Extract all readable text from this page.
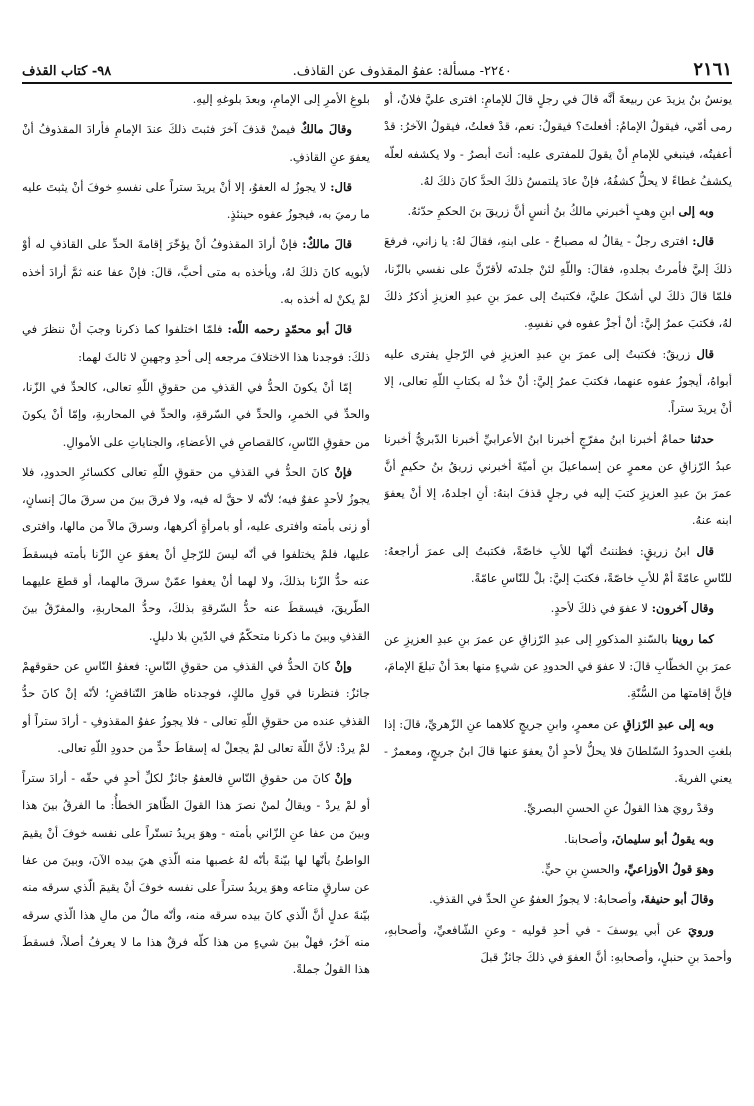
٢١٦١
٢٢٤٠- مسألة: عفوُ المقذوف عن القاذف.
٩٨- كتاب القذف

يونسُ بنُ يزيدَ عن ربيعةَ أنَّه قالَ في رجلٍ قالَ للإمامِ: افترى عليَّ فلانٌ، أو رمى أمّي، فيقولُ الإمامُ: أفعلتَ؟ فيقولُ: نعم، قدْ فعلتُ، فيقولُ الآخرُ: قدْ أعفيتُه، فينبغي للإمامِ أنْ يقولَ للمفترى عليه: أنتَ أبصرُ - ولا يكشفه لعلّه يكشفُ غطاءً لا يحلُّ كشفُهُ، فإنْ عادَ يلتمسُ ذلكَ الحدَّ كانَ ذلكَ لهُ.

وبه إلى ابنِ وهبٍ أخبرني مالكُ بنُ أنسٍ أنَّ زريقَ بنَ الحكمِ حدّثهُ.

قال: افترى رجلٌ - يقالُ له مصباحٌ - على ابنهِ، فقالَ لهُ: يا زاني، فرفعَ ذلكَ إليَّ فأمرتُ بجلدهِ، فقالَ: واللّهِ لئنْ جلدتَه لأقرّنَّ على نفسي بالزّنا، فلمّا قالَ ذلكَ لي أشكلَ عليَّ، فكتبتُ إلى عمرَ بنِ عبدِ العزيزِ أذكرُ ذلكَ لهُ، فكتبَ عمرُ إليَّ: أنْ أجزْ عفوه في نفسِهِ.

قال زريقٌ: فكتبتُ إلى عمرَ بنِ عبدِ العزيزِ في الرّجلِ يفترى عليه أبواهُ، أيجوزُ عفوه عنهما، فكتبَ عمرُ إليَّ: أنْ خذْ له بكتابِ اللّهِ تعالى، إلا أنْ يريدَ ستراً.

حدثنا حمامٌ أخبرنا ابنُ مفرّجٍ أخبرنا ابنُ الأعرابيِّ أخبرنا الدّبريُّ أخبرنا عبدُ الرّزاقِ عن معمرٍ عن إسماعيلَ بنِ أميّةَ أخبرني زريقُ بنُ حكيمٍ أنَّ عمرَ بنَ عبدِ العزيزِ كتبَ إليه في رجلٍ قذفَ ابنهُ: أنِ اجلدهُ، إلا أنْ يعفوَ ابنه عنهُ.

قال ابنُ زريقٍ: فظننتُ أنّها للأبِ خاصّةً، فكتبتُ إلى عمرَ أراجعهُ: للنّاسِ عامّةً أمْ للأبِ خاصّةً، فكتبَ إليَّ: بلْ للنّاسِ عامّةً.

وقال آخرون: لا عفوَ في ذلكَ لأحدٍ.

كما روينا بالسّندِ المذكورِ إلى عبدِ الرّزاقِ عن عمرَ بنِ عبدِ العزيزِ عن عمرَ بنِ الخطّابِ قالَ: لا عفوَ في الحدودِ عن شيءٍ منها بعدَ أنْ تبلغَ الإمامَ، فإنَّ إقامتها من السُّنّةِ.

وبه إلى عبدِ الرّزاقِ عن معمرٍ، وابنِ جريجٍ كلاهما عنِ الزّهريِّ، قالَ: إذا بلغتِ الحدودُ السّلطانَ فلا يحلُّ لأحدٍ أنْ يعفوَ عنها قالَ ابنُ جريجٍ، ومعمرٌ - يعني الفريةَ.

وقدْ رويَ هذا القولُ عنِ الحسنِ البصريِّ.

وبه يقولُ أبو سليمانَ، وأصحابنا.

وهوَ قولُ الأوزاعيِّ، والحسنِ بنِ حيٍّ.

وقالَ أبو حنيفةَ، وأصحابهُ: لا يجوزُ العفوُ عنِ الحدِّ في القذفِ.

ورويَ عن أبي يوسفَ - في أحدِ قوليه - وعنِ الشّافعيِّ، وأصحابهِ، وأحمدَ بنِ حنبلٍ، وأصحابهِ: أنَّ العفوَ في ذلكَ جائزٌ قبلَ

بلوغِ الأمرِ إلى الإمامِ، وبعدَ بلوغهِ إليهِ.

وقالَ مالكٌ فيمنْ قذفَ آخرَ فثبتَ ذلكَ عندَ الإمامِ فأرادَ المقذوفُ أنْ يعفوَ عنِ القاذفِ.

قال: لا يجوزُ له العفوُ، إلا أنْ يريدَ ستراً على نفسهِ خوفَ أنْ يثبتَ عليه ما رميَ به، فيجوزُ عفوه حينئذٍ.

قالَ مالكٌ: فإنْ أرادَ المقذوفُ أنْ يؤخّرَ إقامةَ الحدِّ على القاذفِ له أوْ لأبويه كانَ ذلكَ لهُ، ويأخذه به متى أحبَّ، قالَ: فإنْ عفا عنه ثمَّ أرادَ أخذه لمْ يكنْ له أخذه به.

قالَ أبو محمّدٍ رحمه اللّه: فلمّا اختلفوا كما ذكرنا وجبَ أنْ ننظرَ في ذلكَ: فوجدنا هذا الاختلافَ مرجعه إلى أحدِ وجهينِ لا ثالثَ لهما:

إمّا أنْ يكونَ الحدُّ في القذفِ من حقوقِ اللّهِ تعالى، كالحدِّ في الزّنا، والحدِّ في الخمرِ، والحدِّ في السّرقةِ، والحدِّ في المحاربةِ، وإمّا أنْ يكونَ من حقوقِ النّاسِ، كالقصاصِ في الأعضاءِ، والجناياتِ على الأموالِ.

فإنْ كانَ الحدُّ في القذفِ من حقوقِ اللّهِ تعالى ككسائرِ الحدودِ، فلا يجوزُ لأحدٍ عفوٌ فيه؛ لأنّه لا حقَّ له فيه، ولا فرقَ بينَ من سرقَ مالَ إنسانٍ، أو زنى بأمته وافترى عليه، أو بامرأةٍ أكرهها، وسرقَ مالاً من مالها، وافترى عليها، فلمْ يختلفوا في أنّه ليسَ للرّجلِ أنْ يعفوَ عنِ الزّنا بأمته فيسقطَ عنه حدُّ الزّنا بذلكَ، ولا لهما أنْ يعفوا عمّنْ سرقَ مالهما، أو قطعَ عليهما الطّريقَ، فيسقطَ عنه حدُّ السّرقةِ بذلكَ، وحدُّ المحاربةِ، والمفرّقُ بينَ القذفِ وبينَ ما ذكرنا متحكّمٌ في الدّينِ بلا دليلٍ.

وإنْ كانَ الحدُّ في القذفِ من حقوقِ النّاسِ: فعفوُ النّاسِ عن حقوقهمْ جائزٌ: فنظرنا في قولِ مالكٍ، فوجدناه ظاهرَ التّناقضِ؛ لأنّه إنْ كانَ حدُّ القذفِ عنده من حقوقِ اللّهِ تعالى - فلا يجوزُ عفوُ المقذوفِ - أرادَ ستراً أو لمْ يردْ: لأنَّ اللّهَ تعالى لمْ يجعلْ له إسقاطَ حدٍّ من حدودِ اللّهِ تعالى.

وإنْ كانَ من حقوقِ النّاسِ فالعفوُ جائزٌ لكلِّ أحدٍ في حقّه - أرادَ ستراً أو لمْ يردْ - ويقالُ لمنْ نصرَ هذا القولَ الظّاهرَ الخطأُ: ما الفرقُ بينَ هذا وبينَ من عفا عنِ الزّاني بأمته - وهوَ يريدُ تستّراً على نفسه خوفَ أنْ يقيمَ الواطئُ بأنّها لها بيّنةً بأنّه لهُ غصبها منه الّذي هيَ بيده الآنَ، وبينَ من عفا عن سارقٍ متاعه وهوَ يريدُ ستراً على نفسه خوفَ أنْ يقيمَ الّذي سرقه منه بيّنةَ عدلٍ أنَّ الّذي كانَ بيده سرقه منه، وأنّه مالٌ من مالِ هذا الّذي سرقه منه آخرُ، فهلْ بينَ شيءٍ من هذا كلّه فرقٌ هذا ما لا يعرفُ أصلاً، فسقطَ هذا القولُ جملةً.
